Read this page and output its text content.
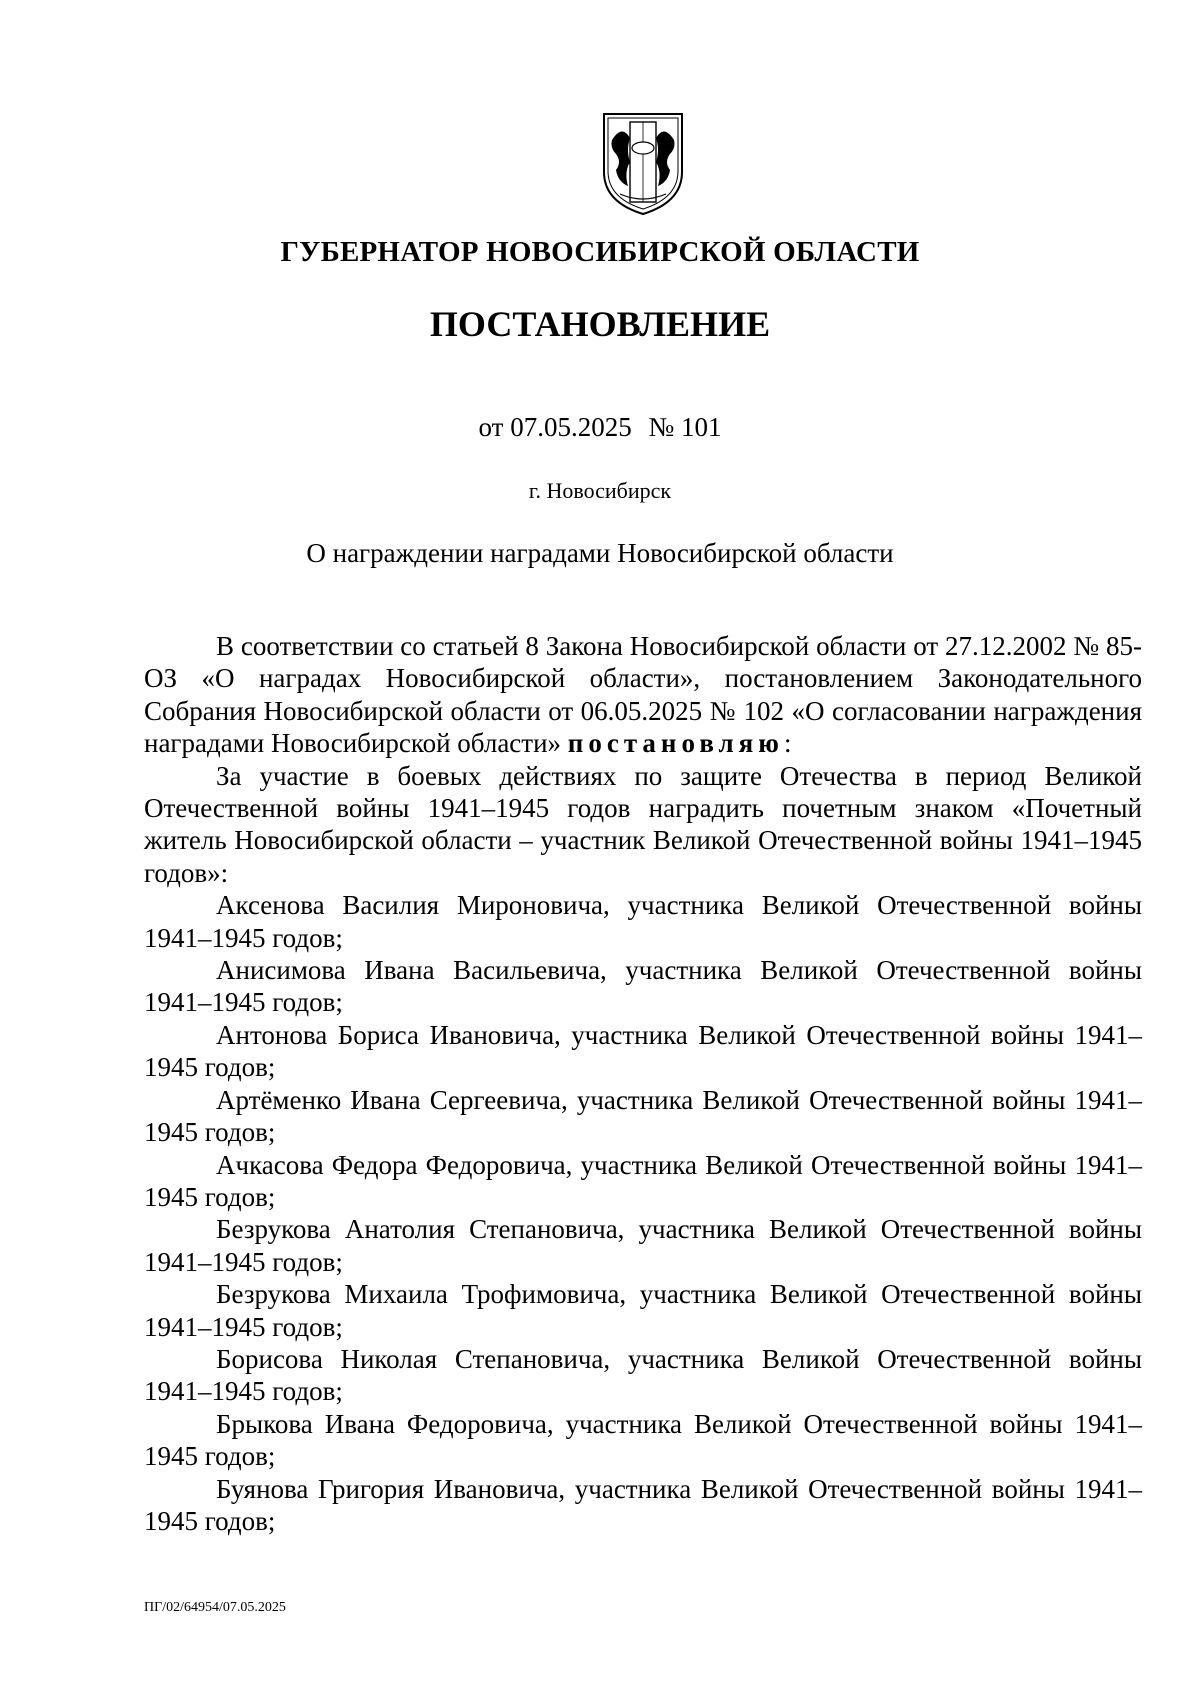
ГУБЕРНАТОР НОВОСИБИРСКОЙ ОБЛАСТИ
ПОСТАНОВЛЕНИЕ
от 07.05.2025 № 101
г. Новосибирск
О награждении наградами Новосибирской области

В соответствии со статьей 8 Закона Новосибирской области от 27.12.2002 № 85-ОЗ «О наградах Новосибирской области», постановлением Законодательного Собрания Новосибирской области от 06.05.2025 № 102 «О согласовании награждения наградами Новосибирской области» постановляю:

За участие в боевых действиях по защите Отечества в период Великой Отечественной войны 1941–1945 годов наградить почетным знаком «Почетный житель Новосибирской области – участник Великой Отечественной войны 1941–1945 годов»:

Аксенова Василия Мироновича, участника Великой Отечественной войны 1941–1945 годов;

Анисимова Ивана Васильевича, участника Великой Отечественной войны 1941–1945 годов;

Антонова Бориса Ивановича, участника Великой Отечественной войны 1941–1945 годов;

Артёменко Ивана Сергеевича, участника Великой Отечественной войны 1941–1945 годов;

Ачкасова Федора Федоровича, участника Великой Отечественной войны 1941–1945 годов;

Безрукова Анатолия Степановича, участника Великой Отечественной войны 1941–1945 годов;

Безрукова Михаила Трофимовича, участника Великой Отечественной войны 1941–1945 годов;

Борисова Николая Степановича, участника Великой Отечественной войны 1941–1945 годов;

Брыкова Ивана Федоровича, участника Великой Отечественной войны 1941–1945 годов;

Буянова Григория Ивановича, участника Великой Отечественной войны 1941–1945 годов;

ПГ/02/64954/07.05.2025
